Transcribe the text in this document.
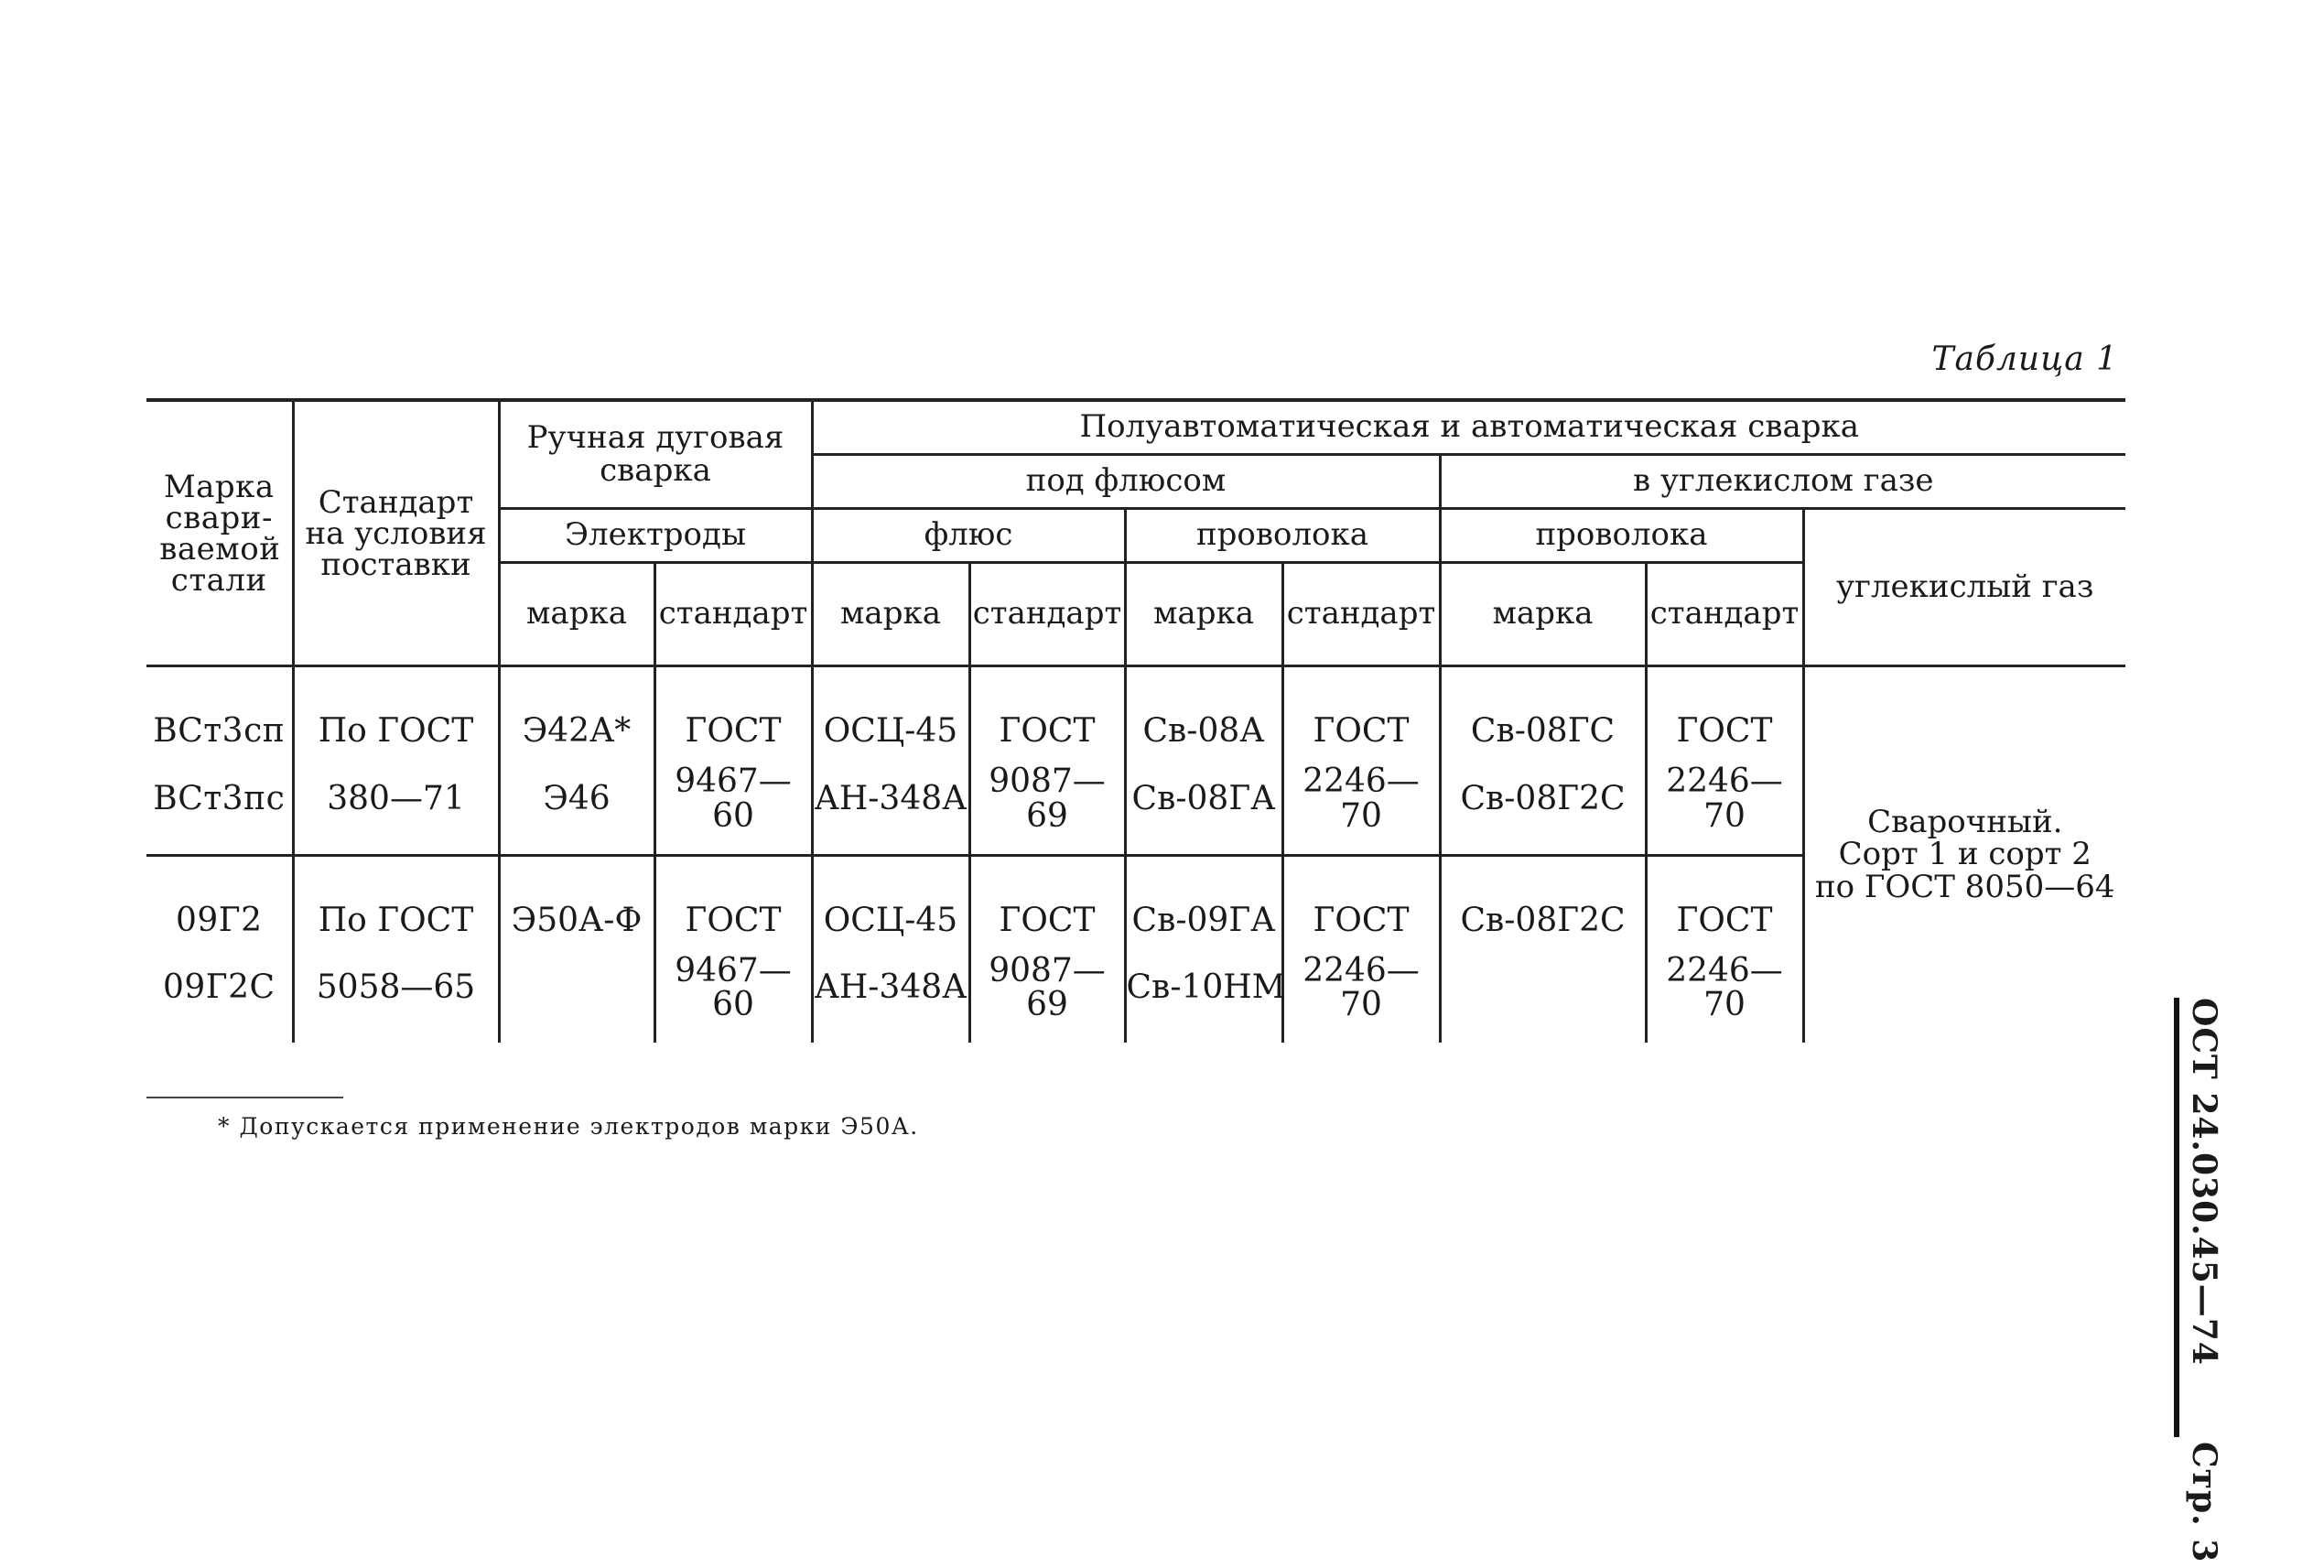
Таблица 1
Марка свари-ваемой стали	Стандарт на условия поставки	Ручная дуговая сварка		Полуавтоматическая и автоматическая сварка						
				под флюсом				в углекислом газе		
		Электроды		флюс		проволока		проволока		углекислый газ
		марка	стандарт	марка	стандарт	марка	стандарт	марка	стандарт	

										Сварочный.
Сорт 1 и сорт 2
по ГОСТ 8050—64

ВСт3сп	По ГОСТ	Э42А*	ГОСТ	ОСЦ-45	ГОСТ	Св-08А	ГОСТ	Св-08ГС	ГОСТ	
ВСт3пс	380—71	Э46	9467—60	АН-348А	9087—69	Св-08ГА	2246—70	Св-08Г2С	2246—70	

09Г2	По ГОСТ	Э50А-Ф	ГОСТ	ОСЦ-45	ГОСТ	Св-09ГА	ГОСТ	Св-08Г2С	ГОСТ	
09Г2С	5058—65		9467—60	АН-348А	9087—69	Св-10НМ	2246—70		2246—70	

* Допускается применение электродов марки Э50А.	ОСТ 24.030.45—74 Стр. 3
